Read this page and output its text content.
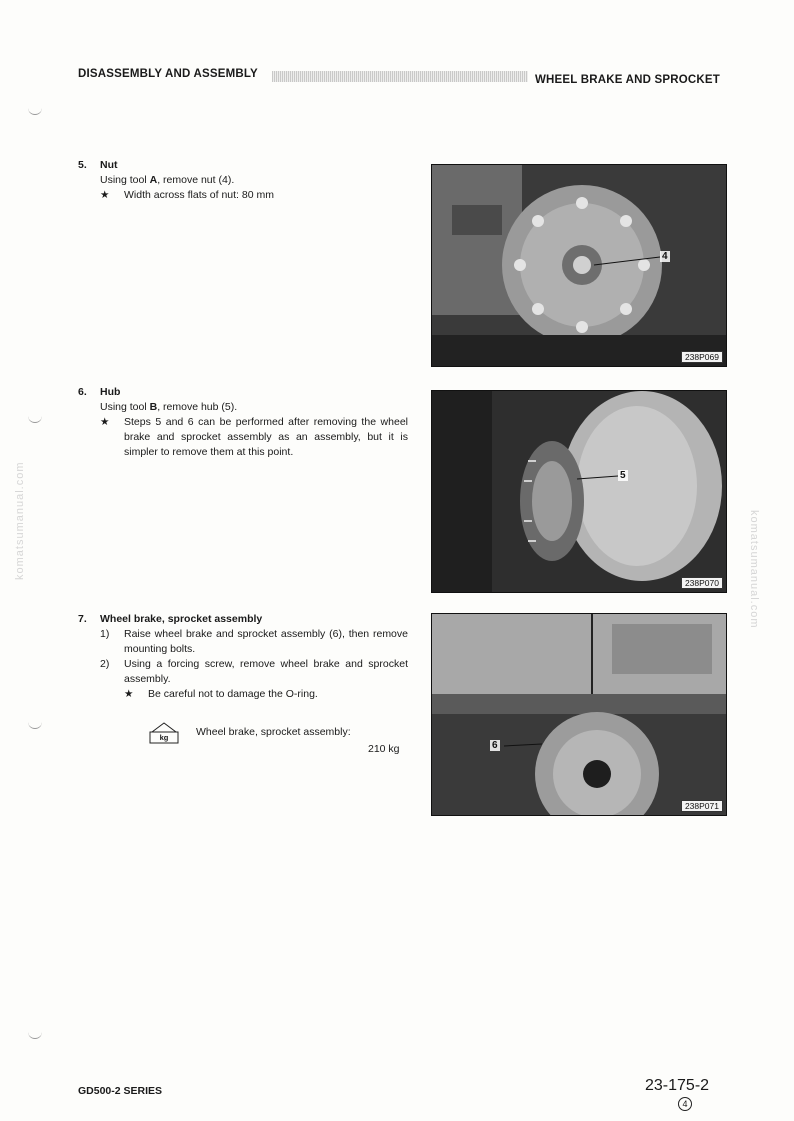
DISASSEMBLY AND ASSEMBLY	WHEEL BRAKE AND SPROCKET
komatsumanual.com	komatsumanual.com
5. Nut
Using tool A, remove nut (4).
★ Width across flats of nut: 80 mm
4
238P069
6. Hub
Using tool B, remove hub (5).
★ Steps 5 and 6 can be performed after removing the wheel brake and sprocket assembly as an assembly, but it is simpler to remove them at this point.
5
238P070
7. Wheel brake, sprocket assembly
1) Raise wheel brake and sprocket assembly (6), then remove mounting bolts.
2) Using a forcing screw, remove wheel brake and sprocket assembly.
★ Be careful not to damage the O-ring.
kg	Wheel brake, sprocket assembly:
210 kg	6
238P071
GD500-2 SERIES	23-175-2
4
